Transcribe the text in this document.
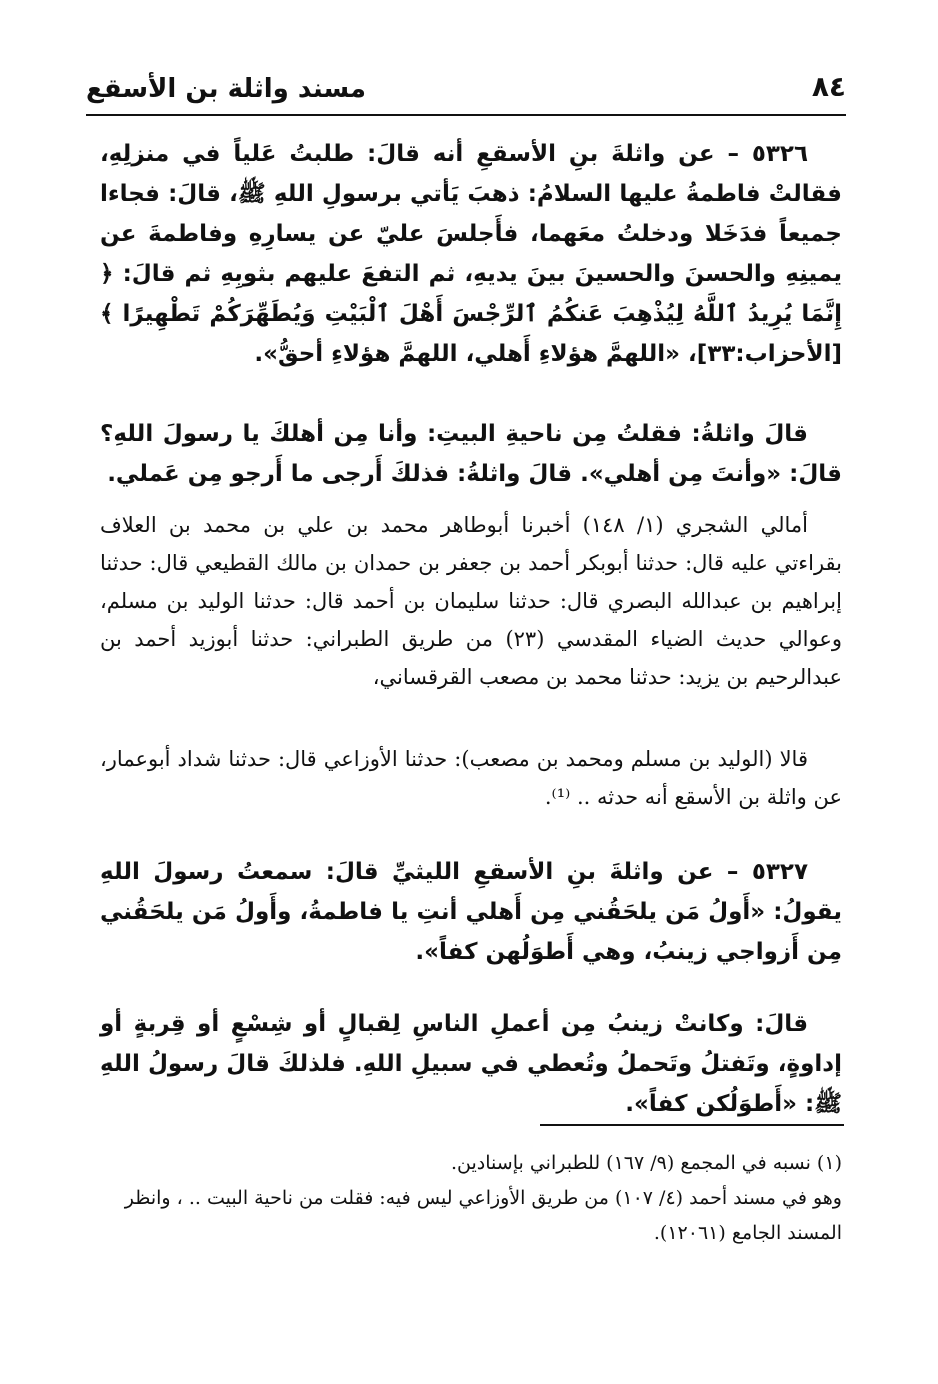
٨٤
مسند واثلة بن الأسقع

٥٣٢٦ – عن واثلةَ بنِ الأسقعِ أنه قالَ: طلبتُ عَلياً في منزلِهِ، فقالتْ فاطمةُ عليها السلامُ: ذهبَ يَأتي برسولِ اللهِ ﷺ، قالَ: فجاءا جميعاً فدَخَلا ودخلتُ معَهما، فأَجلسَ عليّ عن يسارِهِ وفاطمةَ عن يمينِهِ والحسنَ والحسينَ بينَ يديهِ، ثم التفعَ عليهم بثوبِهِ ثم قالَ: ﴿ إِنَّمَا يُرِيدُ ٱللَّهُ لِيُذْهِبَ عَنكُمُ ٱلرِّجْسَ أَهْلَ ٱلْبَيْتِ وَيُطَهِّرَكُمْ تَطْهِيرًا ﴾ [الأحزاب:٣٣]، «اللهمَّ هؤلاءِ أَهلي، اللهمَّ هؤلاءِ أحقُّ».

قالَ واثلةُ: فقلتُ مِن ناحيةِ البيتِ: وأنا مِن أهلكَ يا رسولَ اللهِ؟ قالَ: «وأنتَ مِن أهلي». قالَ واثلةُ: فذلكَ أَرجى ما أَرجو مِن عَملي.

أمالي الشجري (١/ ١٤٨) أخبرنا أبوطاهر محمد بن علي بن محمد بن العلاف بقراءتي عليه قال: حدثنا أبوبكر أحمد بن جعفر بن حمدان بن مالك القطيعي قال: حدثنا إبراهيم بن عبدالله البصري قال: حدثنا سليمان بن أحمد قال: حدثنا الوليد بن مسلم، وعوالي حديث الضياء المقدسي (٢٣) من طريق الطبراني: حدثنا أبوزيد أحمد بن عبدالرحيم بن يزيد: حدثنا محمد بن مصعب القرقساني،

قالا (الوليد بن مسلم ومحمد بن مصعب): حدثنا الأوزاعي قال: حدثنا شداد أبوعمار، عن واثلة بن الأسقع أنه حدثه .. ⁽¹⁾.

٥٣٢٧ – عن واثلةَ بنِ الأسقعِ الليثيِّ قالَ: سمعتُ رسولَ اللهِ يقولُ: «أَولُ مَن يلحَقُني مِن أَهلي أنتِ يا فاطمةُ، وأَولُ مَن يلحَقُني مِن أَزواجي زينبُ، وهي أَطوَلُهن كفاً».

قالَ: وكانتْ زينبُ مِن أعملِ الناسِ لِقبالٍ أو شِسْعٍ أو قِربةٍ أو إداوةٍ، وتَفتلُ وتَحملُ وتُعطي في سبيلِ اللهِ. فلذلكَ قالَ رسولُ اللهِ ﷺ: «أَطوَلُكن كفاً».

(١) نسبه في المجمع (٩/ ١٦٧) للطبراني بإسنادين.

وهو في مسند أحمد (٤/ ١٠٧) من طريق الأوزاعي ليس فيه: فقلت من ناحية البيت .. ، وانظر المسند الجامع (١٢٠٦١).
